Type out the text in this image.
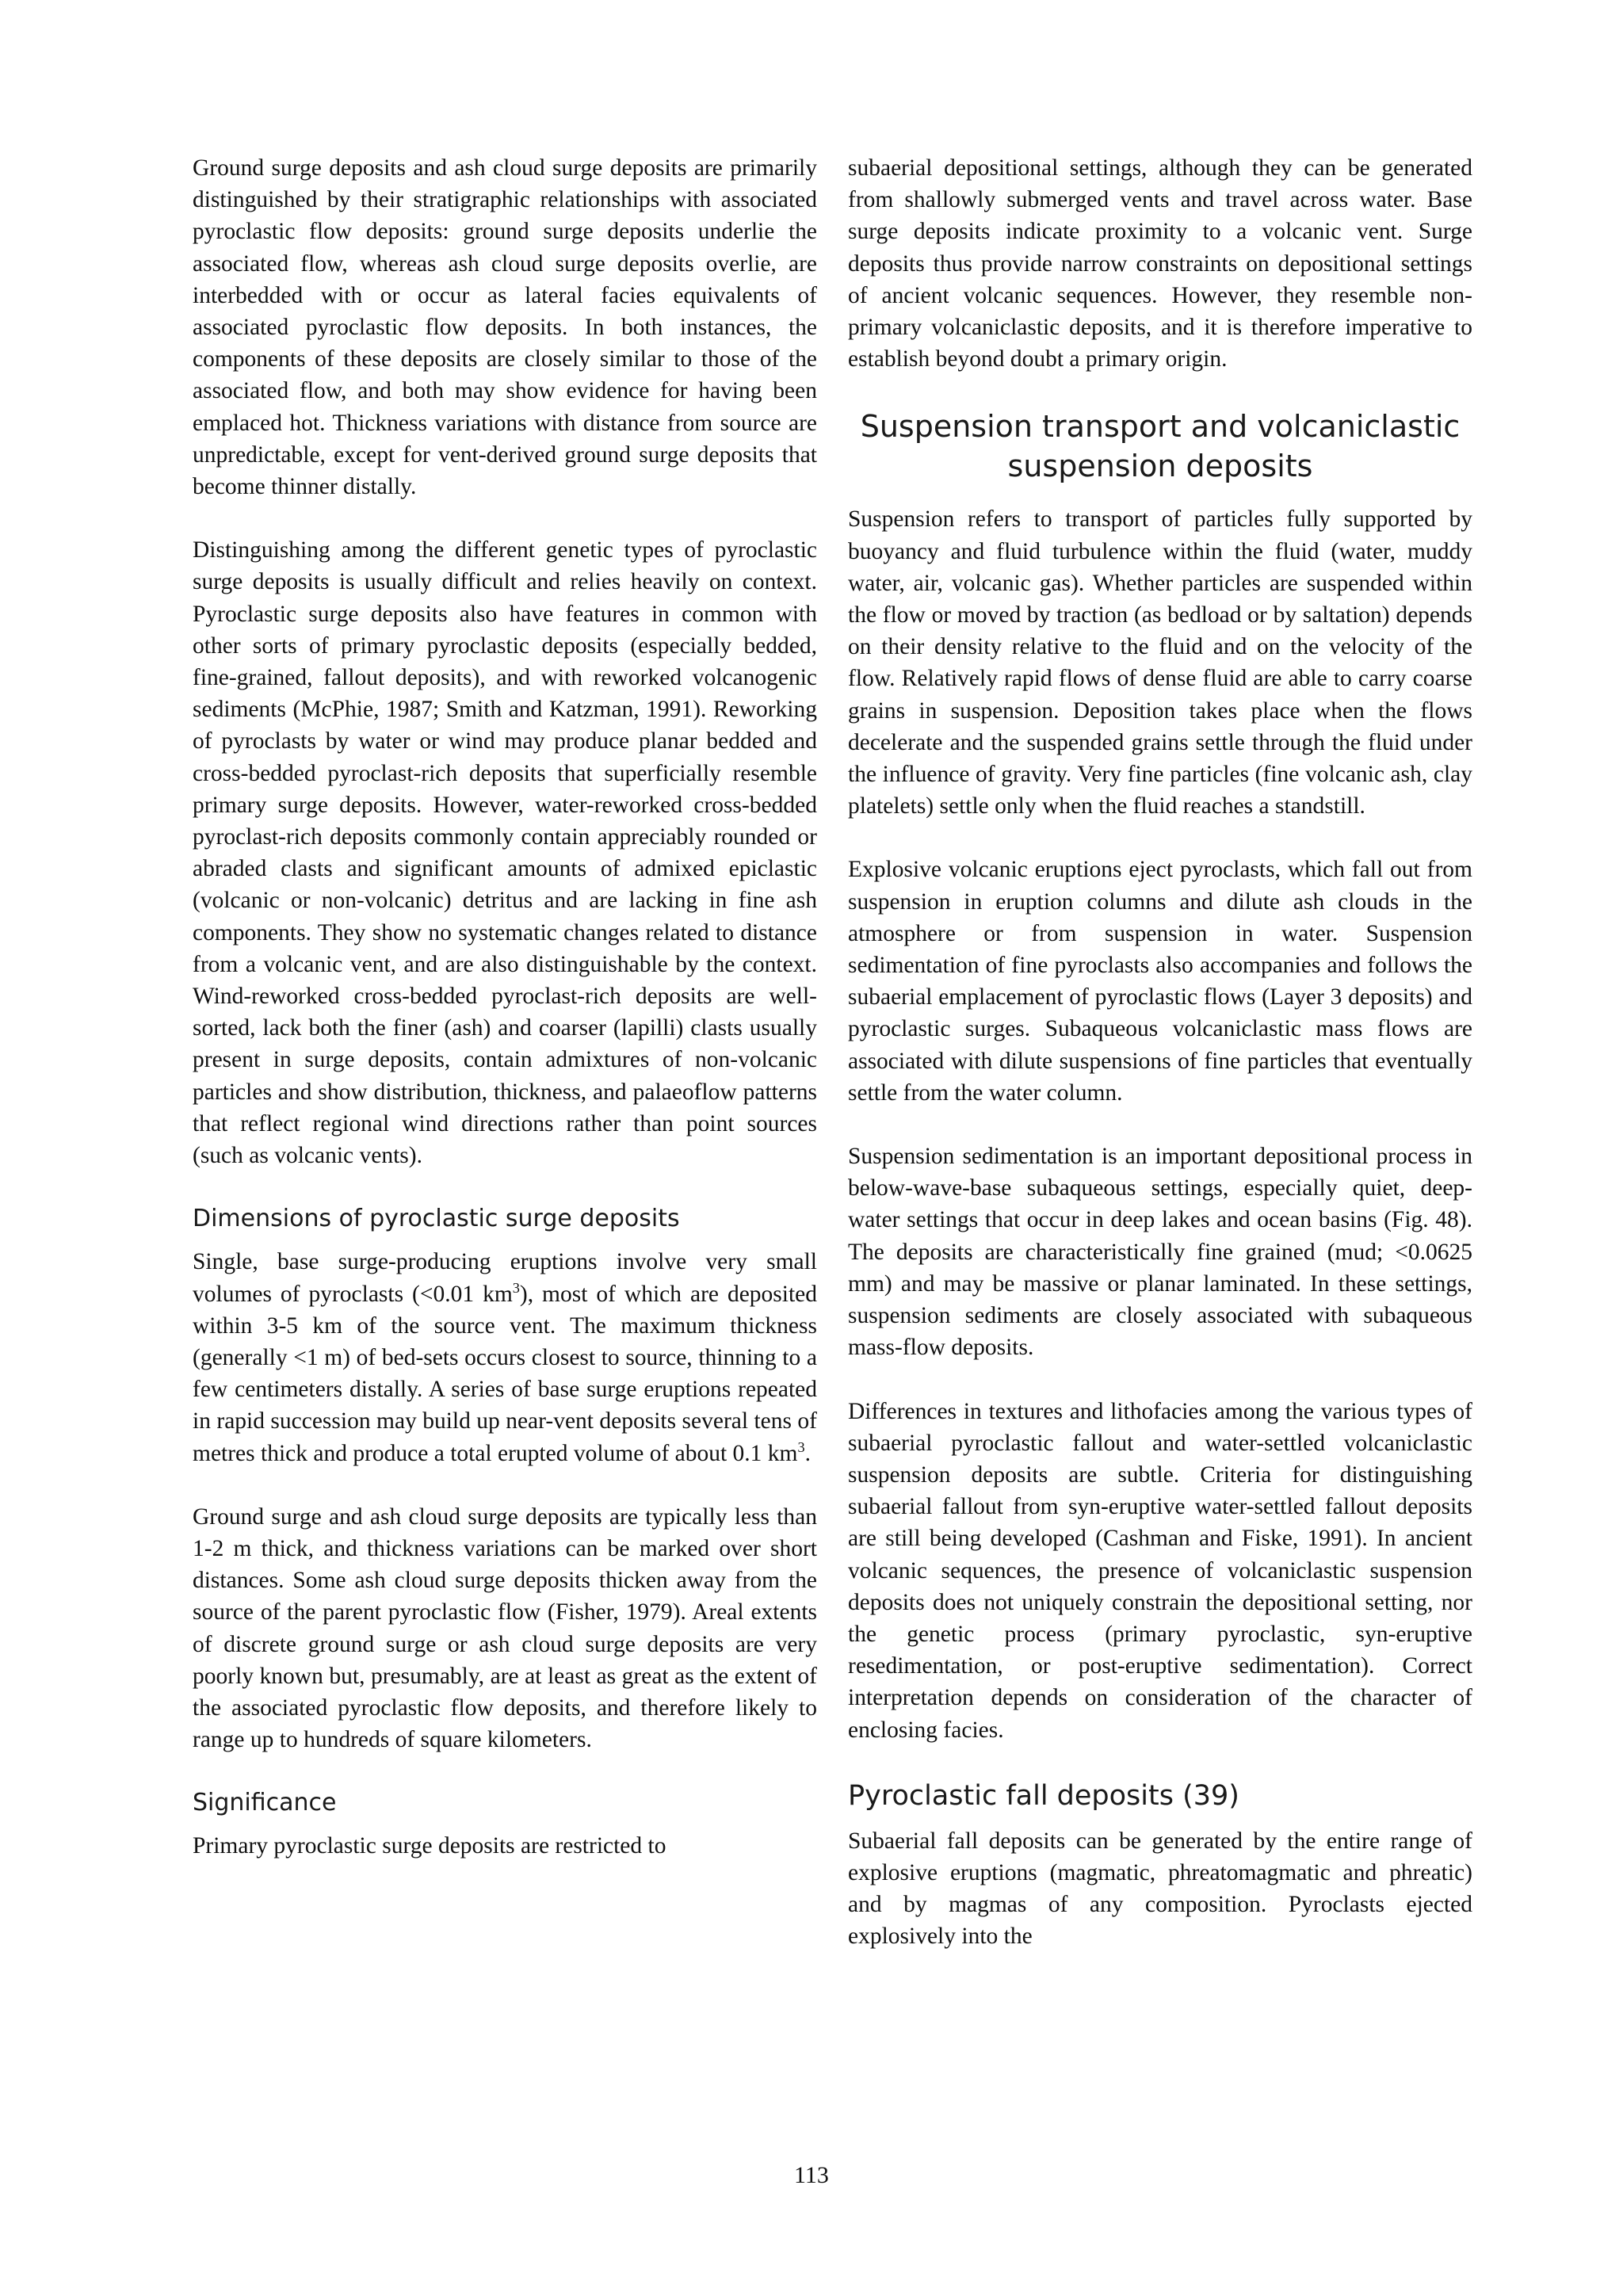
Ground surge deposits and ash cloud surge deposits are primarily distinguished by their stratigraphic relationships with associated pyroclastic flow deposits: ground surge deposits underlie the associated flow, whereas ash cloud surge deposits overlie, are interbedded with or occur as lateral facies equivalents of associated pyroclastic flow deposits. In both instances, the components of these deposits are closely similar to those of the associated flow, and both may show evidence for having been emplaced hot. Thickness variations with distance from source are unpredictable, except for vent-derived ground surge deposits that become thinner distally.

Distinguishing among the different genetic types of pyroclastic surge deposits is usually difficult and relies heavily on context. Pyroclastic surge deposits also have features in common with other sorts of primary pyroclastic deposits (especially bedded, fine-grained, fallout deposits), and with reworked volcanogenic sediments (McPhie, 1987; Smith and Katzman, 1991). Reworking of pyroclasts by water or wind may produce planar bedded and cross-bedded pyroclast-rich deposits that superficially resemble primary surge deposits. However, water-reworked cross-bedded pyroclast-rich deposits commonly contain appreciably rounded or abraded clasts and significant amounts of admixed epiclastic (volcanic or non-volcanic) detritus and are lacking in fine ash components. They show no systematic changes related to distance from a volcanic vent, and are also distinguishable by the context. Wind-reworked cross-bedded pyroclast-rich deposits are well-sorted, lack both the finer (ash) and coarser (lapilli) clasts usually present in surge deposits, contain admixtures of non-volcanic particles and show distribution, thickness, and palaeoflow patterns that reflect regional wind directions rather than point sources (such as volcanic vents).

Dimensions of pyroclastic surge deposits

Single, base surge-producing eruptions involve very small volumes of pyroclasts (<0.01 $km^3$), most of which are deposited within 3-5 km of the source vent. The maximum thickness (generally <1 m) of bed-sets occurs closest to source, thinning to a few centimeters distally. A series of base surge eruptions repeated in rapid succession may build up near-vent deposits several tens of metres thick and produce a total erupted volume of about 0.1 $km^3$.

Ground surge and ash cloud surge deposits are typically less than 1-2 m thick, and thickness variations can be marked over short distances. Some ash cloud surge deposits thicken away from the source of the parent pyroclastic flow (Fisher, 1979). Areal extents of discrete ground surge or ash cloud surge deposits are very poorly known but, presumably, are at least as great as the extent of the associated pyroclastic flow deposits, and therefore likely to range up to hundreds of square kilometers.

Significance

Primary pyroclastic surge deposits are restricted to

subaerial depositional settings, although they can be generated from shallowly submerged vents and travel across water. Base surge deposits indicate proximity to a volcanic vent. Surge deposits thus provide narrow constraints on depositional settings of ancient volcanic sequences. However, they resemble non-primary volcaniclastic deposits, and it is therefore imperative to establish beyond doubt a primary origin.

Suspension transport and volcaniclastic
suspension deposits

Suspension refers to transport of particles fully supported by buoyancy and fluid turbulence within the fluid (water, muddy water, air, volcanic gas). Whether particles are suspended within the flow or moved by traction (as bedload or by saltation) depends on their density relative to the fluid and on the velocity of the flow. Relatively rapid flows of dense fluid are able to carry coarse grains in suspension. Deposition takes place when the flows decelerate and the suspended grains settle through the fluid under the influence of gravity. Very fine particles (fine volcanic ash, clay platelets) settle only when the fluid reaches a standstill.

Explosive volcanic eruptions eject pyroclasts, which fall out from suspension in eruption columns and dilute ash clouds in the atmosphere or from suspension in water. Suspension sedimentation of fine pyroclasts also accompanies and follows the subaerial emplacement of pyroclastic flows (Layer 3 deposits) and pyroclastic surges. Subaqueous volcaniclastic mass flows are associated with dilute suspensions of fine particles that eventually settle from the water column.

Suspension sedimentation is an important depositional process in below-wave-base subaqueous settings, especially quiet, deep-water settings that occur in deep lakes and ocean basins (Fig. 48). The deposits are characteristically fine grained (mud; <0.0625 mm) and may be massive or planar laminated. In these settings, suspension sediments are closely associated with subaqueous mass-flow deposits.

Differences in textures and lithofacies among the various types of subaerial pyroclastic fallout and water-settled volcaniclastic suspension deposits are subtle. Criteria for distinguishing subaerial fallout from syn-eruptive water-settled fallout deposits are still being developed (Cashman and Fiske, 1991). In ancient volcanic sequences, the presence of volcaniclastic suspension deposits does not uniquely constrain the depositional setting, nor the genetic process (primary pyroclastic, syn-eruptive resedimentation, or post-eruptive sedimentation). Correct interpretation depends on consideration of the character of enclosing facies.

Pyroclastic fall deposits (39)

Subaerial fall deposits can be generated by the entire range of explosive eruptions (magmatic, phreatomagmatic and phreatic) and by magmas of any composition. Pyroclasts ejected explosively into the

113
